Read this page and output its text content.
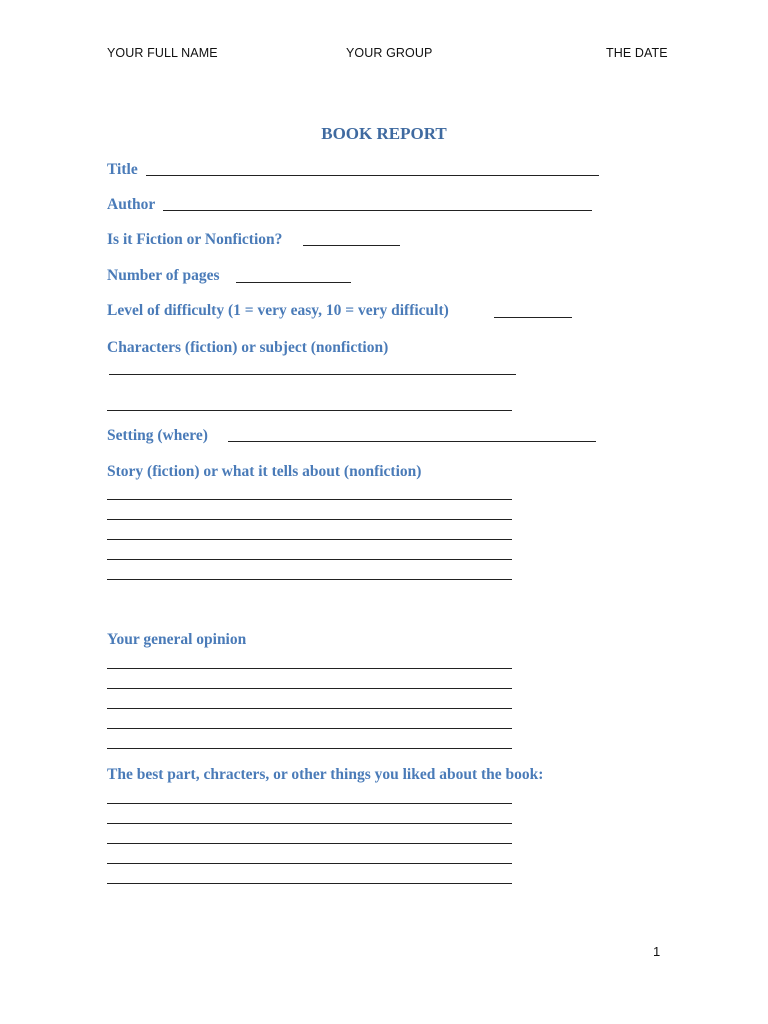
YOUR FULL NAME	YOUR GROUP	THE DATE
BOOK REPORT
Title
Author
Is it Fiction or Nonfiction?
Number of pages
Level of difficulty (1 = very easy, 10 = very difficult)
Characters (fiction) or subject (nonfiction)
Setting (where)
Story (fiction) or what it tells about (nonfiction)
Your general opinion
The best part, chracters, or other things you liked about the book:
1
